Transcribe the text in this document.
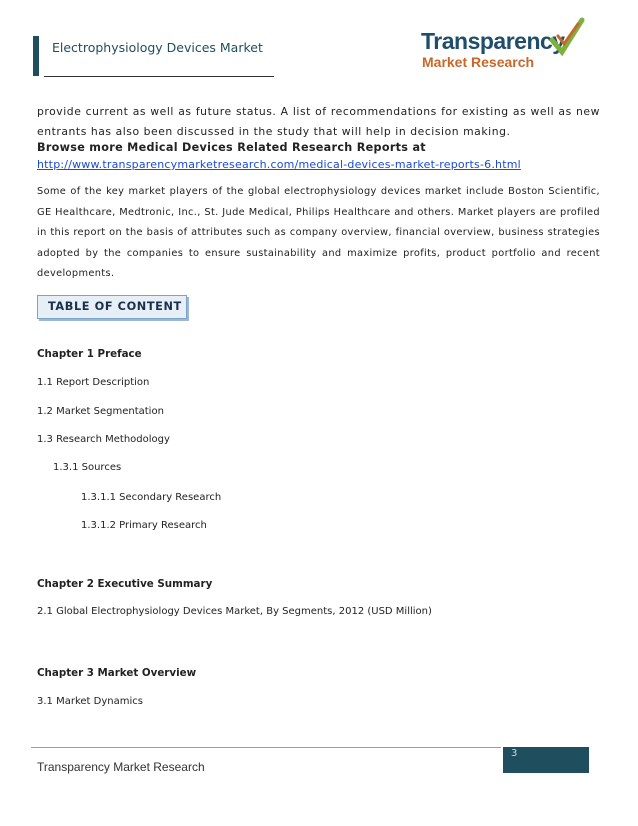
Electrophysiology Devices Market	Transparency
Market Research
provide current as well as future status. A list of recommendations for existing as well as new entrants has also been discussed in the study that will help in decision making.
Browse more Medical Devices Related Research Reports at
http://www.transparencymarketresearch.com/medical-devices-market-reports-6.html
Some of the key market players of the global electrophysiology devices market include Boston Scientific, GE Healthcare, Medtronic, Inc., St. Jude Medical, Philips Healthcare and others. Market players are profiled in this report on the basis of attributes such as company overview, financial overview, business strategies adopted by the companies to ensure sustainability and maximize profits, product portfolio and recent developments.
TABLE OF CONTENT
Chapter 1 Preface
1.1 Report Description
1.2 Market Segmentation
1.3 Research Methodology
1.3.1 Sources
1.3.1.1 Secondary Research
1.3.1.2 Primary Research
Chapter 2 Executive Summary
2.1 Global Electrophysiology Devices Market, By Segments, 2012 (USD Million)
Chapter 3 Market Overview
3.1 Market Dynamics
3
Transparency Market Research
